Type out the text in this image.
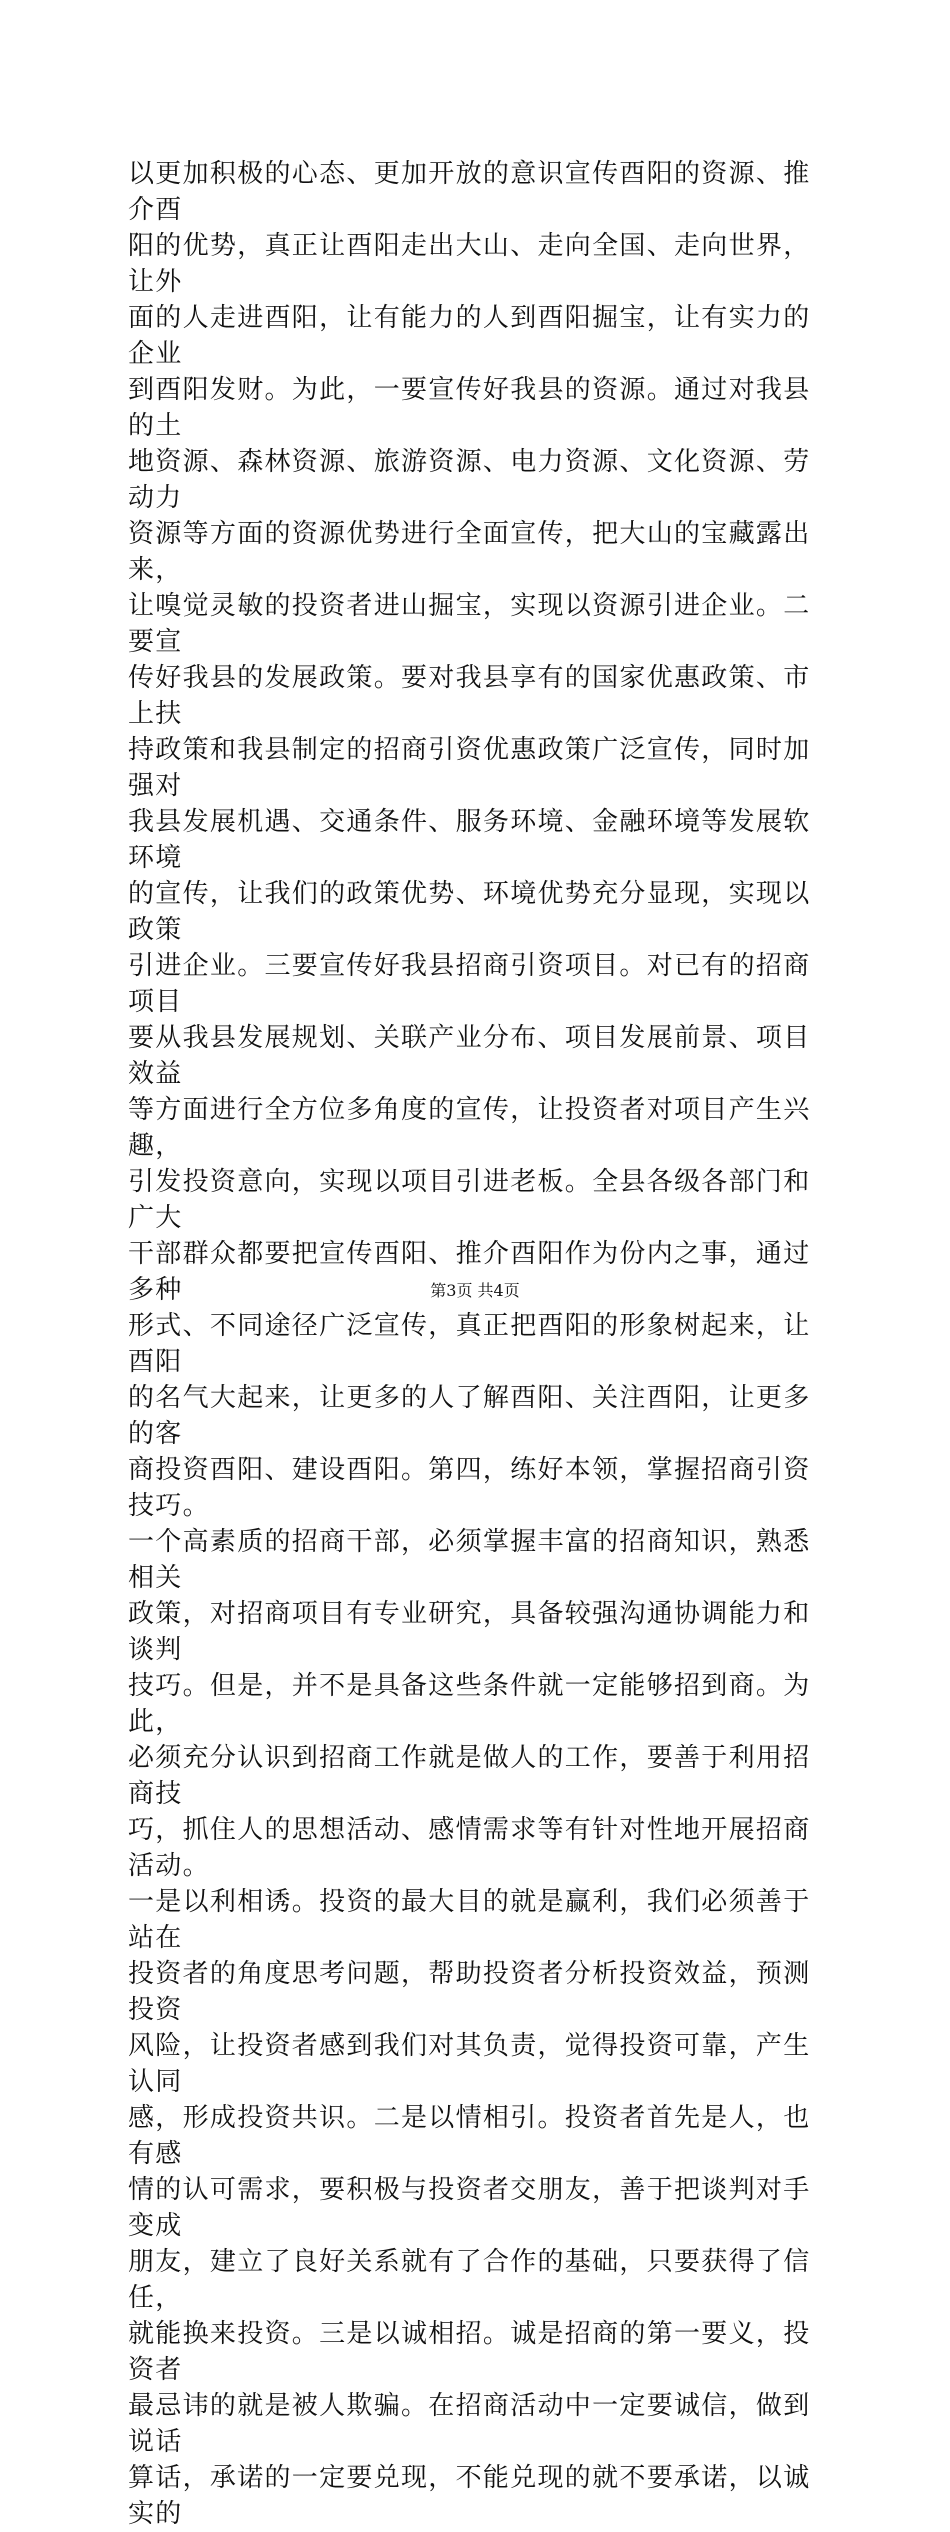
以更加积极的心态、更加开放的意识宣传酉阳的资源、推介酉
阳的优势，真正让酉阳走出大山、走向全国、走向世界，让外
面的人走进酉阳，让有能力的人到酉阳掘宝，让有实力的企业
到酉阳发财。为此，一要宣传好我县的资源。通过对我县的土
地资源、森林资源、旅游资源、电力资源、文化资源、劳动力
资源等方面的资源优势进行全面宣传，把大山的宝藏露出来，
让嗅觉灵敏的投资者进山掘宝，实现以资源引进企业。二要宣
传好我县的发展政策。要对我县享有的国家优惠政策、市上扶
持政策和我县制定的招商引资优惠政策广泛宣传，同时加强对
我县发展机遇、交通条件、服务环境、金融环境等发展软环境
的宣传，让我们的政策优势、环境优势充分显现，实现以政策
引进企业。三要宣传好我县招商引资项目。对已有的招商项目
要从我县发展规划、关联产业分布、项目发展前景、项目效益
等方面进行全方位多角度的宣传，让投资者对项目产生兴趣，
引发投资意向，实现以项目引进老板。全县各级各部门和广大
干部群众都要把宣传酉阳、推介酉阳作为份内之事，通过多种
形式、不同途径广泛宣传，真正把酉阳的形象树起来，让酉阳
的名气大起来，让更多的人了解酉阳、关注酉阳，让更多的客
商投资酉阳、建设酉阳。第四，练好本领，掌握招商引资技巧。
一个高素质的招商干部，必须掌握丰富的招商知识，熟悉相关
政策，对招商项目有专业研究，具备较强沟通协调能力和谈判
技巧。但是，并不是具备这些条件就一定能够招到商。为此，
必须充分认识到招商工作就是做人的工作，要善于利用招商技
巧，抓住人的思想活动、感情需求等有针对性地开展招商活动。
一是以利相诱。投资的最大目的就是赢利，我们必须善于站在
投资者的角度思考问题，帮助投资者分析投资效益，预测投资
风险，让投资者感到我们对其负责，觉得投资可靠，产生认同
感，形成投资共识。二是以情相引。投资者首先是人，也有感
情的认可需求，要积极与投资者交朋友，善于把谈判对手变成
朋友，建立了良好关系就有了合作的基础，只要获得了信任，
就能换来投资。三是以诚相招。诚是招商的第一要义，投资者
最忌讳的就是被人欺骗。在招商活动中一定要诚信，做到说话
算话，承诺的一定要兑现，不能兑现的就不要承诺，以诚实的

第3页 共4页
